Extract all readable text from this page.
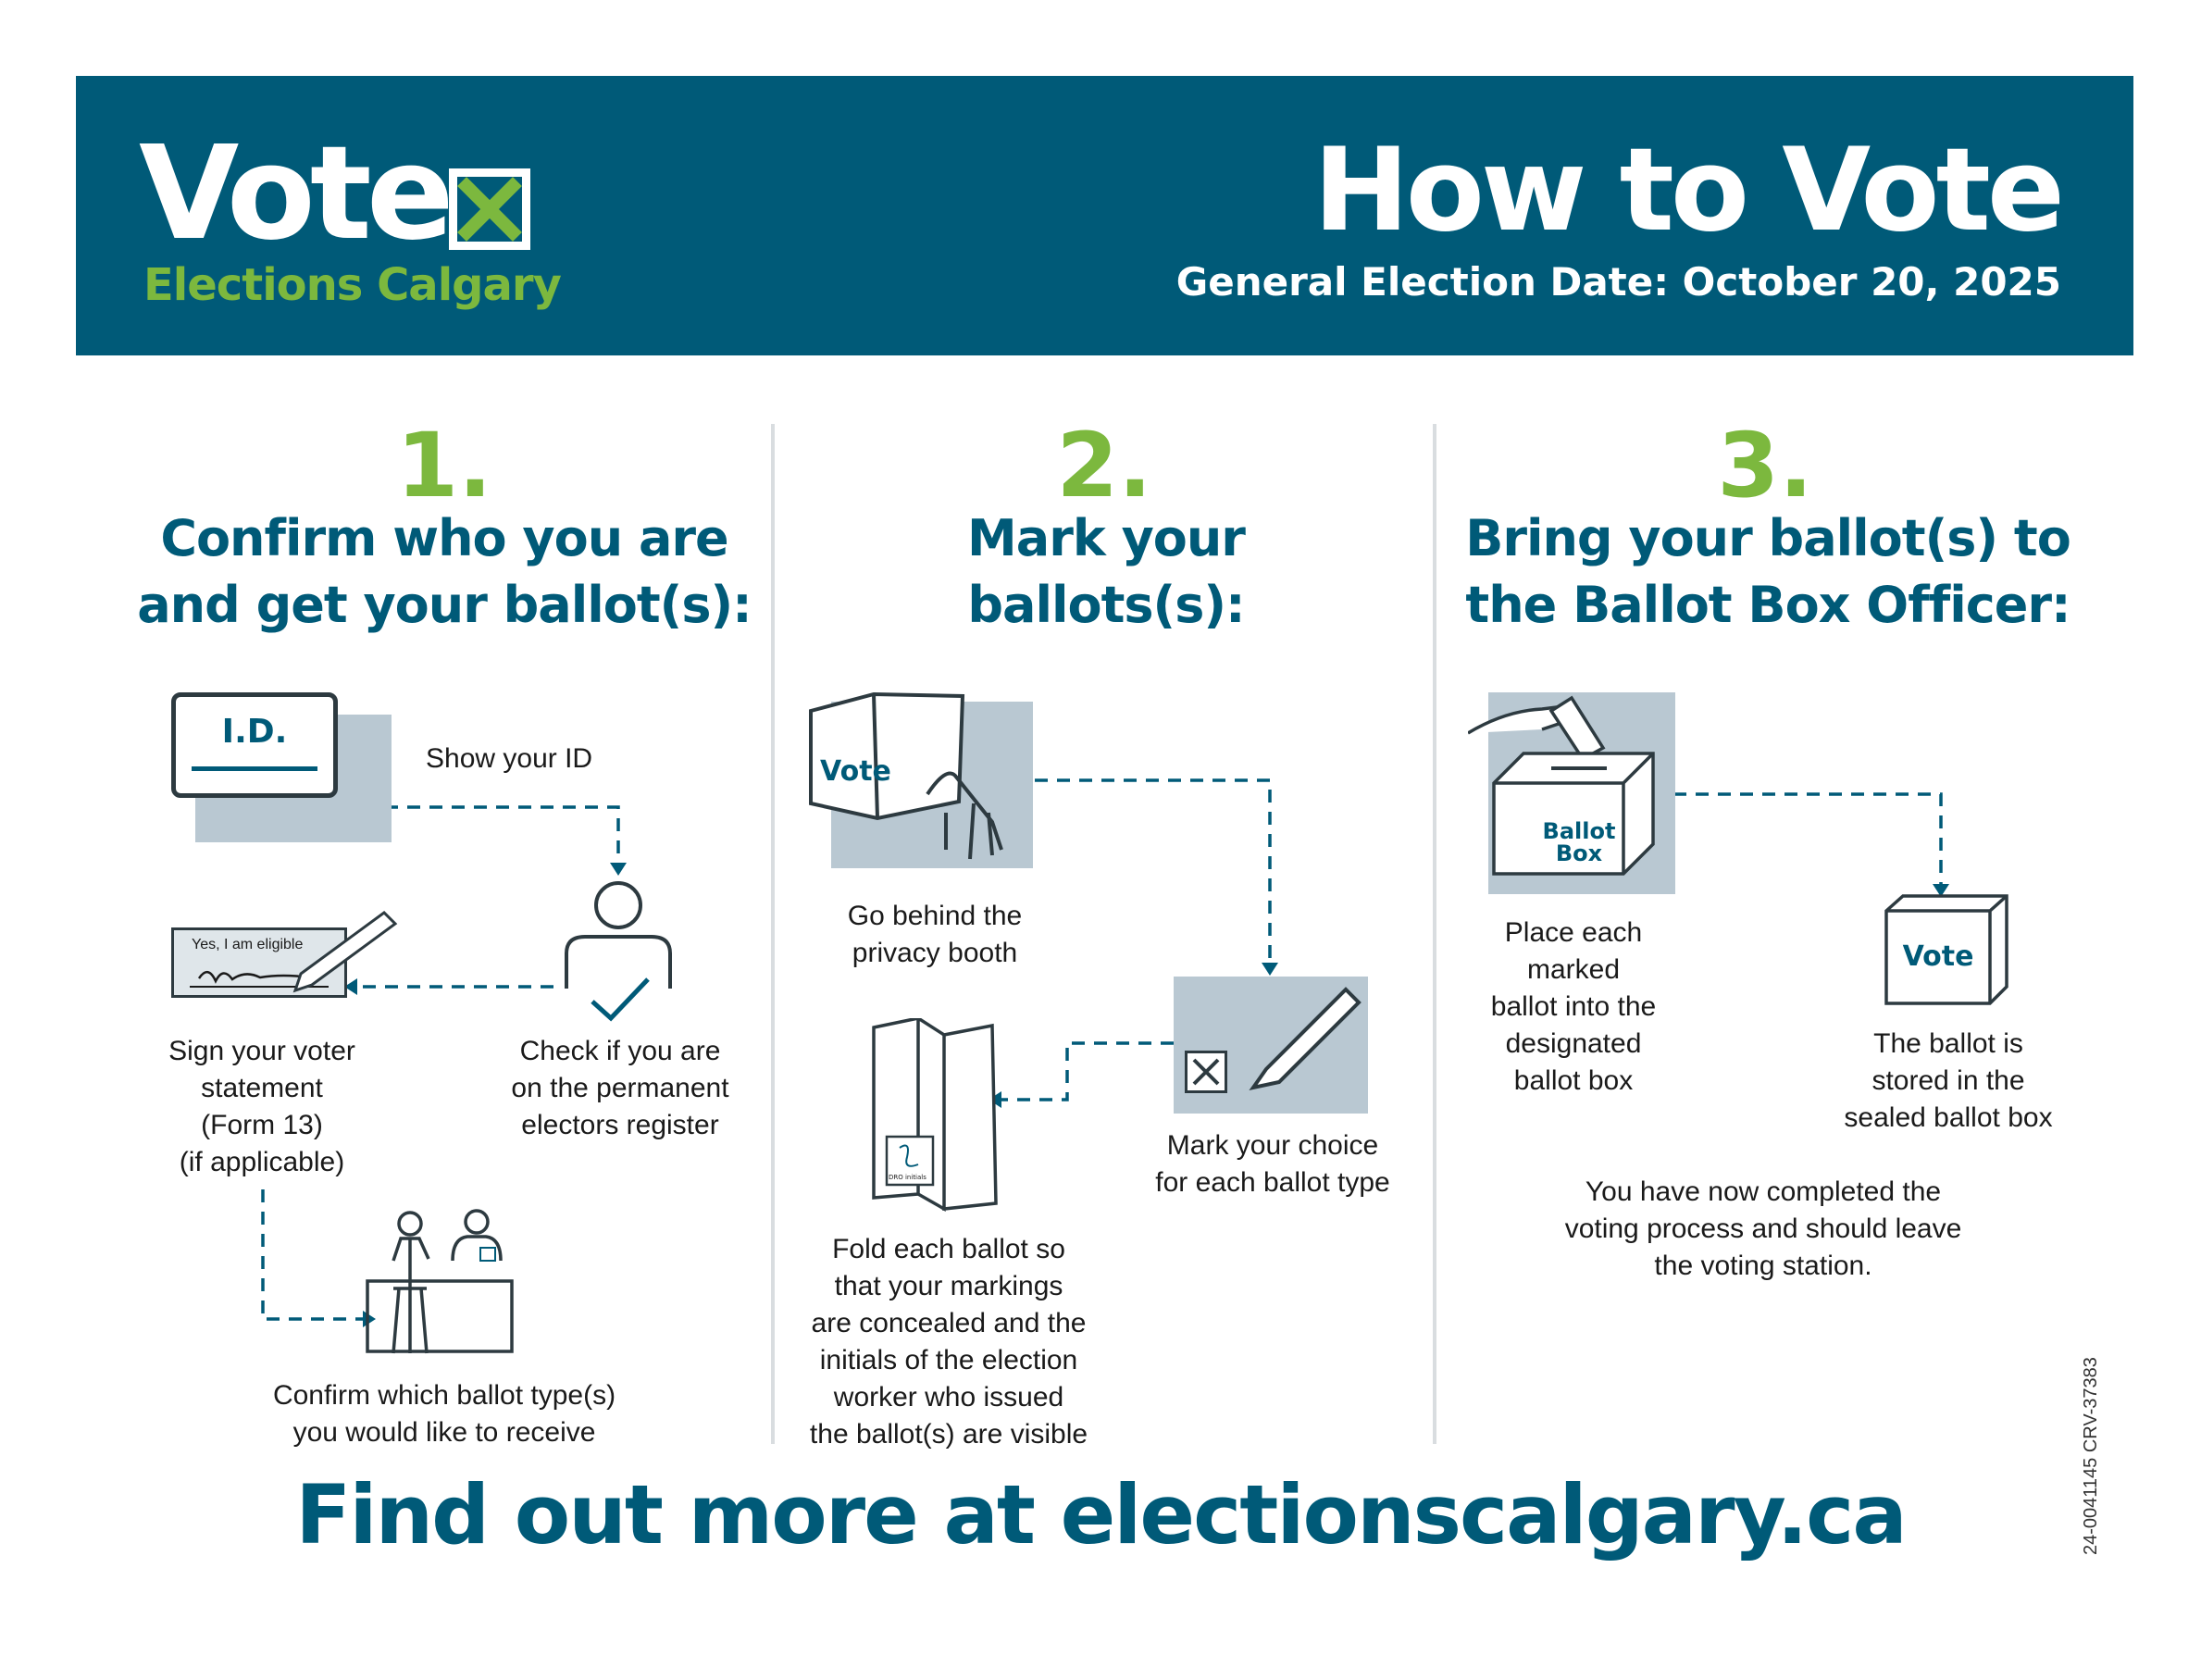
Vote
Elections Calgary
How to Vote
General Election Date: October 20, 2025
1.
Confirm who you are
and get your ballot(s):
I.D.
Show your ID
Yes, I am eligible
Sign your voter
statement
(Form 13)
(if applicable)
Check if you are
on the permanent
electors register
Confirm which ballot type(s)
you would like to receive
2.
Mark your
ballots(s):
Vote
Go behind the
privacy booth
Mark your choice
for each ballot type
DRO initials
Fold each ballot so
that your markings
are concealed and the
initials of the election
worker who issued
the ballot(s) are visible
3.
Bring your ballot(s) to
the Ballot Box Officer:
Ballot
Box
Place each
marked
ballot into the
designated
ballot box
Vote
The ballot is
stored in the
sealed ballot box
You have now completed the
voting process and should leave
the voting station.
Find out more at electionscalgary.ca	24-0041145 CRV-37383
